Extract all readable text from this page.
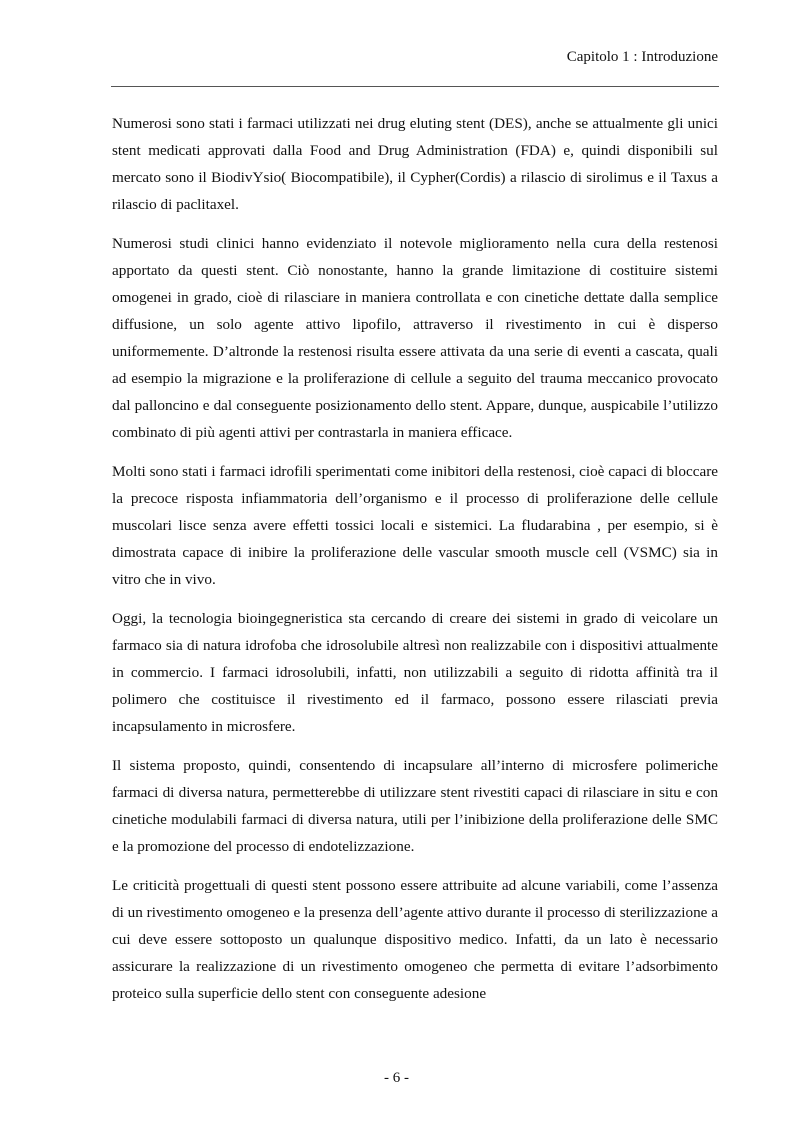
Capitolo 1 : Introduzione

Numerosi sono stati i farmaci utilizzati nei drug eluting stent (DES), anche se attualmente gli unici stent medicati approvati dalla Food and Drug Administration (FDA) e, quindi disponibili sul mercato sono il BiodivYsio( Biocompatibile), il Cypher(Cordis) a rilascio di sirolimus e il Taxus a rilascio di paclitaxel.

Numerosi studi clinici hanno evidenziato il notevole miglioramento nella cura della restenosi apportato da questi stent. Ciò nonostante, hanno la grande limitazione di costituire sistemi omogenei in grado, cioè di rilasciare in maniera controllata e con cinetiche dettate dalla semplice diffusione, un solo agente attivo lipofilo, attraverso il rivestimento in cui è disperso uniformemente. D’altronde la restenosi risulta essere attivata da una serie di eventi a cascata, quali ad esempio la migrazione e la proliferazione di cellule a seguito del trauma meccanico provocato dal palloncino e dal conseguente posizionamento dello stent. Appare, dunque, auspicabile l’utilizzo combinato di più agenti attivi per contrastarla in maniera efficace.

Molti sono stati i farmaci idrofili sperimentati come inibitori della restenosi, cioè capaci di bloccare la precoce risposta infiammatoria dell’organismo e il processo di proliferazione delle cellule muscolari lisce senza avere effetti tossici locali e sistemici. La fludarabina , per esempio, si è dimostrata capace di inibire la proliferazione delle vascular smooth muscle cell (VSMC) sia in vitro che in vivo.

Oggi, la tecnologia bioingegneristica sta cercando di creare dei sistemi in grado di veicolare un farmaco sia di natura idrofoba che idrosolubile altresì non realizzabile con i dispositivi attualmente in commercio. I farmaci idrosolubili, infatti, non utilizzabili a seguito di ridotta affinità tra il polimero che costituisce il rivestimento ed il farmaco, possono essere rilasciati previa incapsulamento in microsfere.

Il sistema proposto, quindi, consentendo di incapsulare all’interno di microsfere polimeriche farmaci di diversa natura, permetterebbe di utilizzare stent rivestiti capaci di rilasciare in situ e con cinetiche modulabili farmaci di diversa natura, utili per l’inibizione della proliferazione delle SMC e la promozione del processo di endotelizzazione.

Le criticità progettuali di questi stent possono essere attribuite ad alcune variabili, come l’assenza di un rivestimento omogeneo e la presenza dell’agente attivo durante il processo di sterilizzazione a cui deve essere sottoposto un qualunque dispositivo medico. Infatti, da un lato è necessario assicurare la realizzazione di un rivestimento omogeneo che permetta di evitare l’adsorbimento proteico sulla superficie dello stent con conseguente adesione

- 6 -
